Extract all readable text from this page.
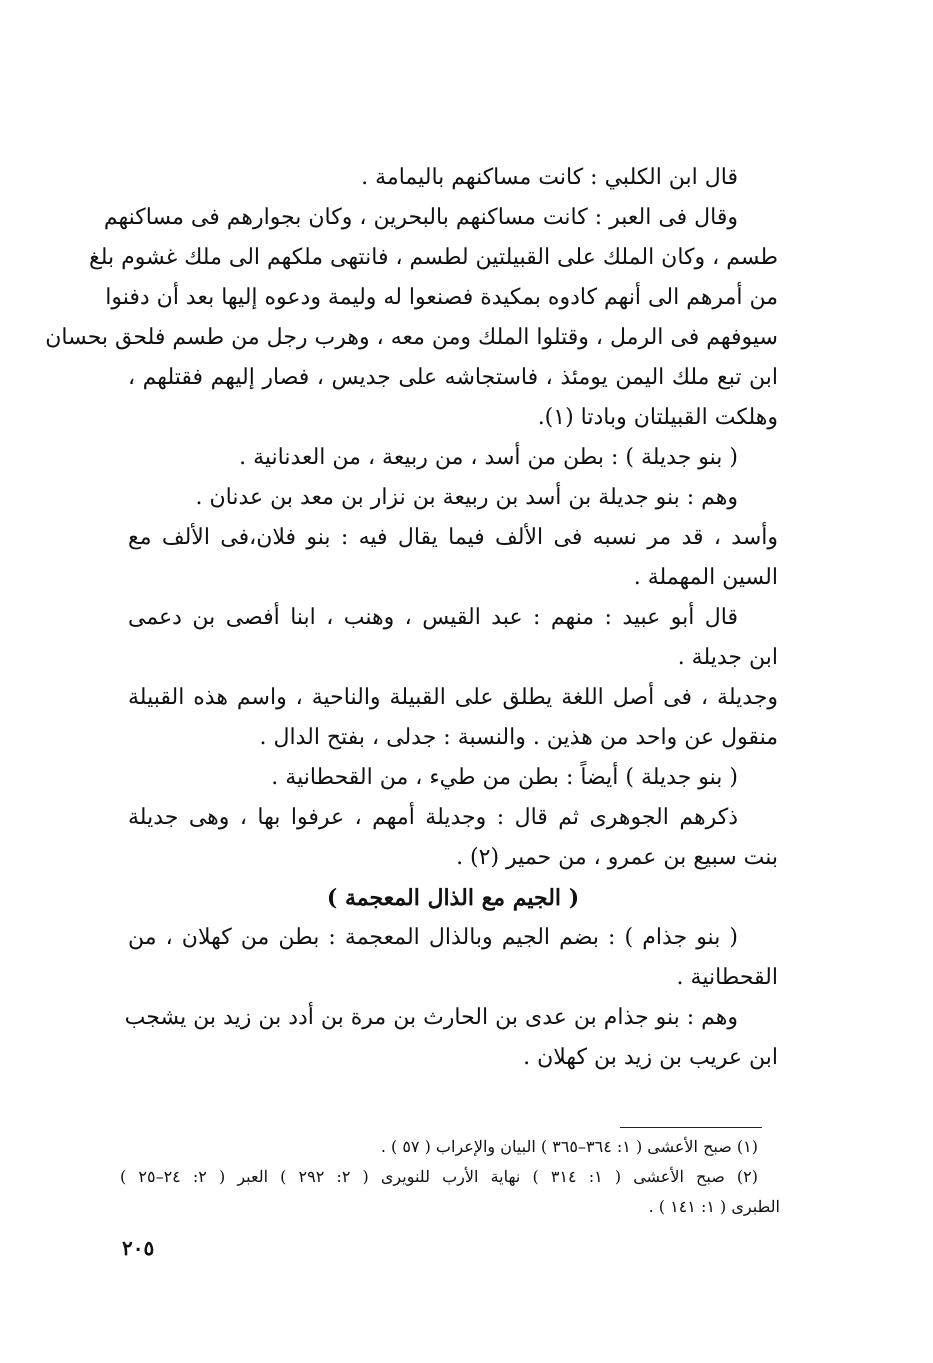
قال ابن الكلبي : كانت مساكنهم باليمامة .
وقال فى العبر : كانت مساكنهم بالبحرين ، وكان بجوارهم فى مساكنهم
طسم ، وكان الملك على القبيلتين لطسم ، فانتهى ملكهم الى ملك غشوم بلغ
من أمرهم الى أنهم كادوه بمكيدة فصنعوا له وليمة ودعوه إليها بعد أن دفنوا
سيوفهم فى الرمل ، وقتلوا الملك ومن معه ، وهرب رجل من طسم فلحق بحسان
ابن تبع ملك اليمن يومئذ ، فاستجاشه على جديس ، فصار إليهم فقتلهم ،
وهلكت القبيلتان وبادتا (١).
( بنو جديلة ) : بطن من أسد ، من ربيعة ، من العدنانية .
وهم : بنو جديلة بن أسد بن ربيعة بن نزار بن معد بن عدنان .
وأسد ، قد مر نسبه فى الألف فيما يقال فيه : بنو فلان،فى الألف مع
السين المهملة .
قال أبو عبيد : منهم : عبد القيس ، وهنب ، ابنا أفصى بن دعمى
ابن جديلة .
وجديلة ، فى أصل اللغة يطلق على القبيلة والناحية ، واسم هذه القبيلة
منقول عن واحد من هذين . والنسبة : جدلى ، بفتح الدال .
( بنو جديلة ) أيضاً : بطن من طيء ، من القحطانية .
ذكرهم الجوهرى ثم قال : وجديلة أمهم ، عرفوا بها ، وهى جديلة
بنت سبيع بن عمرو ، من حمير (٢) .
( الجيم مع الذال المعجمة )
( بنو جذام ) : بضم الجيم وبالذال المعجمة : بطن من كهلان ، من
القحطانية .
وهم : بنو جذام بن عدى بن الحارث بن مرة بن أدد بن زيد بن يشجب
ابن عريب بن زيد بن كهلان .
(١) صبح الأعشى ( ١: ٣٦٤–٣٦٥ ) البيان والإعراب ( ٥٧ ) .
(٢) صبح الأعشى ( ١: ٣١٤ ) نهاية الأرب للنويرى ( ٢: ٢٩٢ ) العبر ( ٢: ٢٤–٢٥ )
الطبرى ( ١: ١٤١ ) .
٢٠٥
